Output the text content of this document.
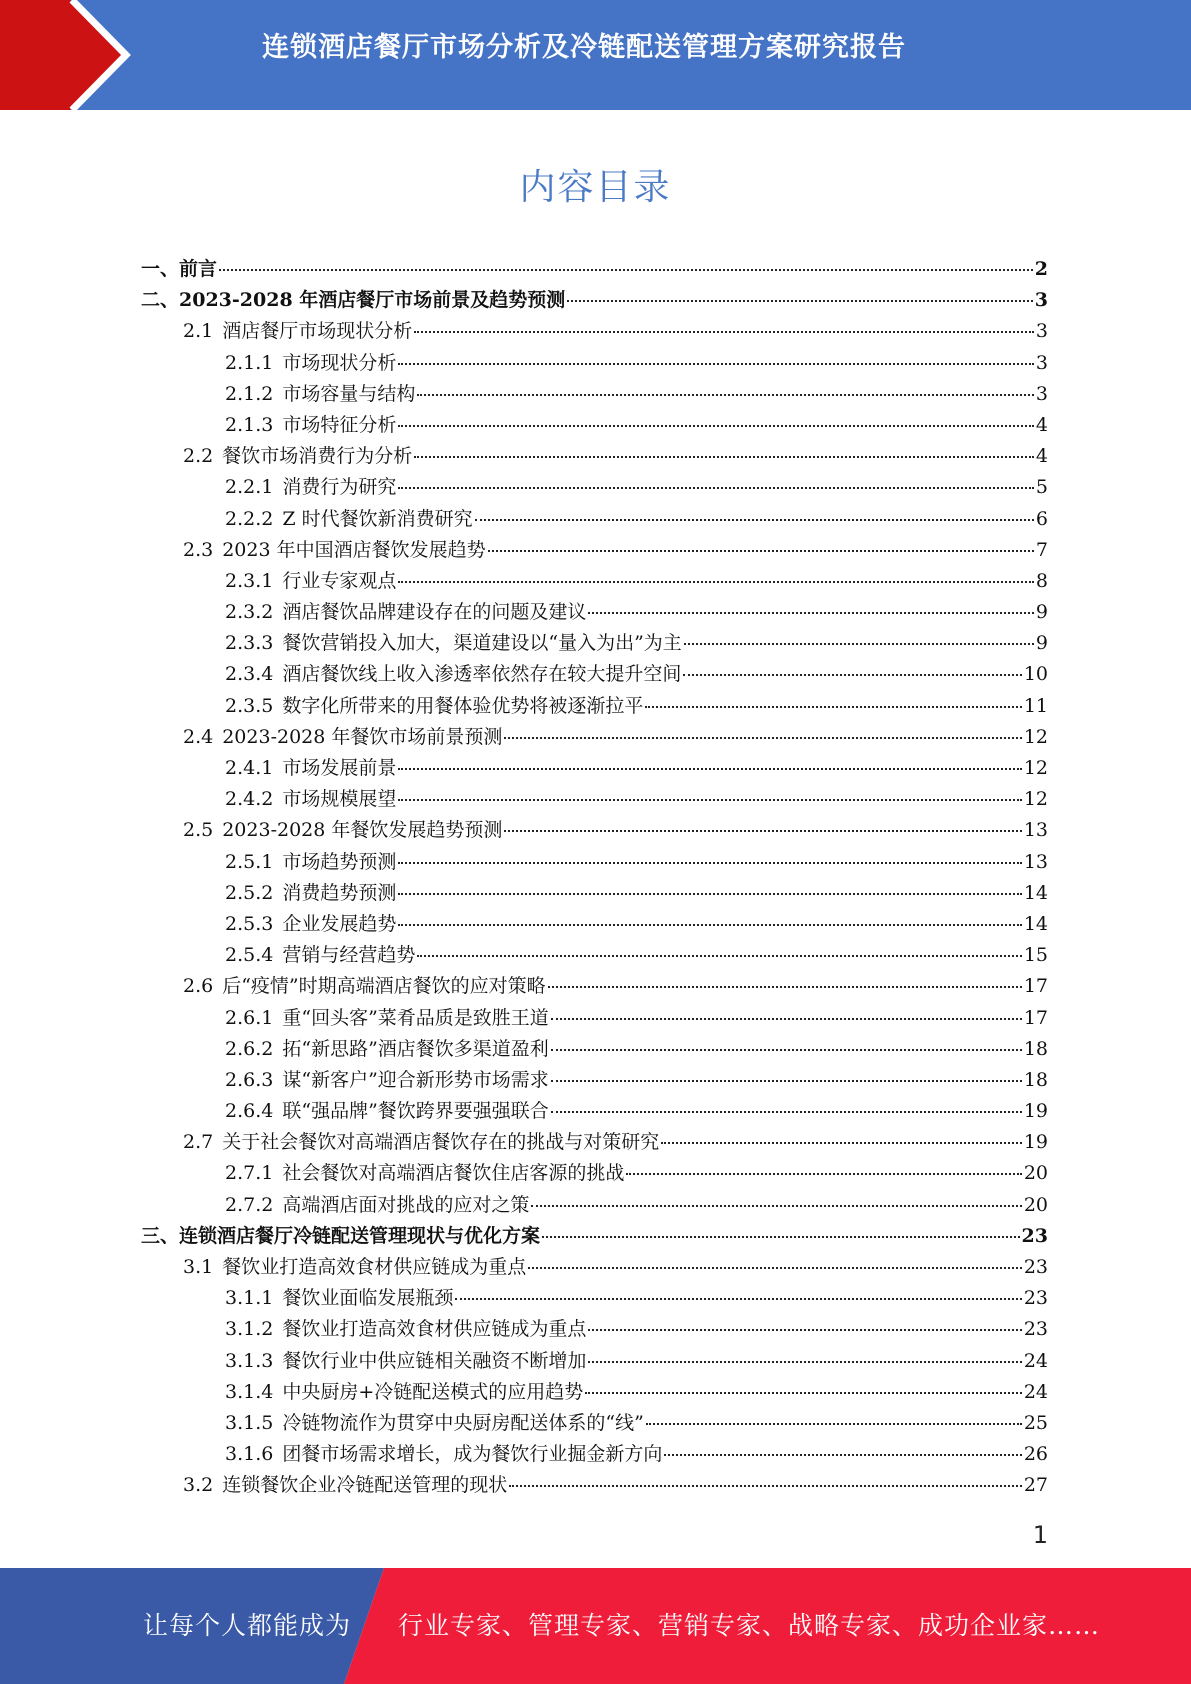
连锁酒店餐厅市场分析及冷链配送管理方案研究报告
内容目录
一、 前言	2
二、 2023-2028 年酒店餐厅市场前景及趋势预测	3
2.1 酒店餐厅市场现状分析	3
2.1.1 市场现状分析	3
2.1.2 市场容量与结构	3
2.1.3 市场特征分析	4
2.2 餐饮市场消费行为分析	4
2.2.1 消费行为研究	5
2.2.2 Z 时代餐饮新消费研究	6
2.3 2023 年中国酒店餐饮发展趋势	7
2.3.1 行业专家观点	8
2.3.2 酒店餐饮品牌建设存在的问题及建议	9
2.3.3 餐饮营销投入加大，渠道建设以“量入为出”为主	9
2.3.4 酒店餐饮线上收入渗透率依然存在较大提升空间	10
2.3.5 数字化所带来的用餐体验优势将被逐渐拉平	11
2.4 2023-2028 年餐饮市场前景预测	12
2.4.1 市场发展前景	12
2.4.2 市场规模展望	12
2.5 2023-2028 年餐饮发展趋势预测	13
2.5.1 市场趋势预测	13
2.5.2 消费趋势预测	14
2.5.3 企业发展趋势	14
2.5.4 营销与经营趋势	15
2.6 后“疫情”时期高端酒店餐饮的应对策略	17
2.6.1 重“回头客”菜肴品质是致胜王道	17
2.6.2 拓“新思路”酒店餐饮多渠道盈利	18
2.6.3 谋“新客户”迎合新形势市场需求	18
2.6.4 联“强品牌”餐饮跨界要强强联合	19
2.7 关于社会餐饮对高端酒店餐饮存在的挑战与对策研究	19
2.7.1 社会餐饮对高端酒店餐饮住店客源的挑战	20
2.7.2 高端酒店面对挑战的应对之策	20
三、 连锁酒店餐厅冷链配送管理现状与优化方案	23
3.1 餐饮业打造高效食材供应链成为重点	23
3.1.1 餐饮业面临发展瓶颈	23
3.1.2 餐饮业打造高效食材供应链成为重点	23
3.1.3 餐饮行业中供应链相关融资不断增加	24
3.1.4 中央厨房+冷链配送模式的应用趋势	24
3.1.5 冷链物流作为贯穿中央厨房配送体系的“线”	25
3.1.6 团餐市场需求增长，成为餐饮行业掘金新方向	26
3.2 连锁餐饮企业冷链配送管理的现状	27
1
让每个人都能成为 行业专家、管理专家、营销专家、战略专家、成功企业家……
